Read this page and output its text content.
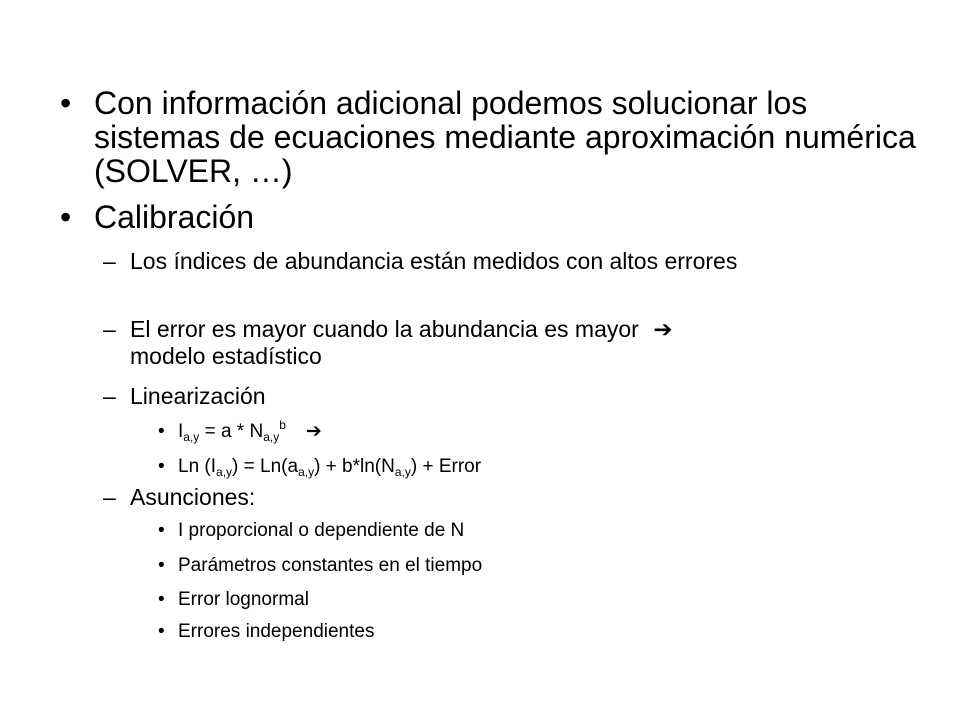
• Con información adicional podemos solucionar los sistemas de ecuaciones mediante aproximación numérica (SOLVER, …)
• Calibración
– Los índices de abundancia están medidos con altos errores
– El error es mayor cuando la abundancia es mayor ➔
modelo estadístico
– Linearización
• $I_{a,y} = a * N_{a,y}^b$ ➔
• Ln $(I_{a,y}) = Ln(a_{a,y}) + b*\ln(N_{a,y})$ + Error
– Asunciones:
• I proporcional o dependiente de N
• Parámetros constantes en el tiempo
• Error lognormal
• Errores independientes
